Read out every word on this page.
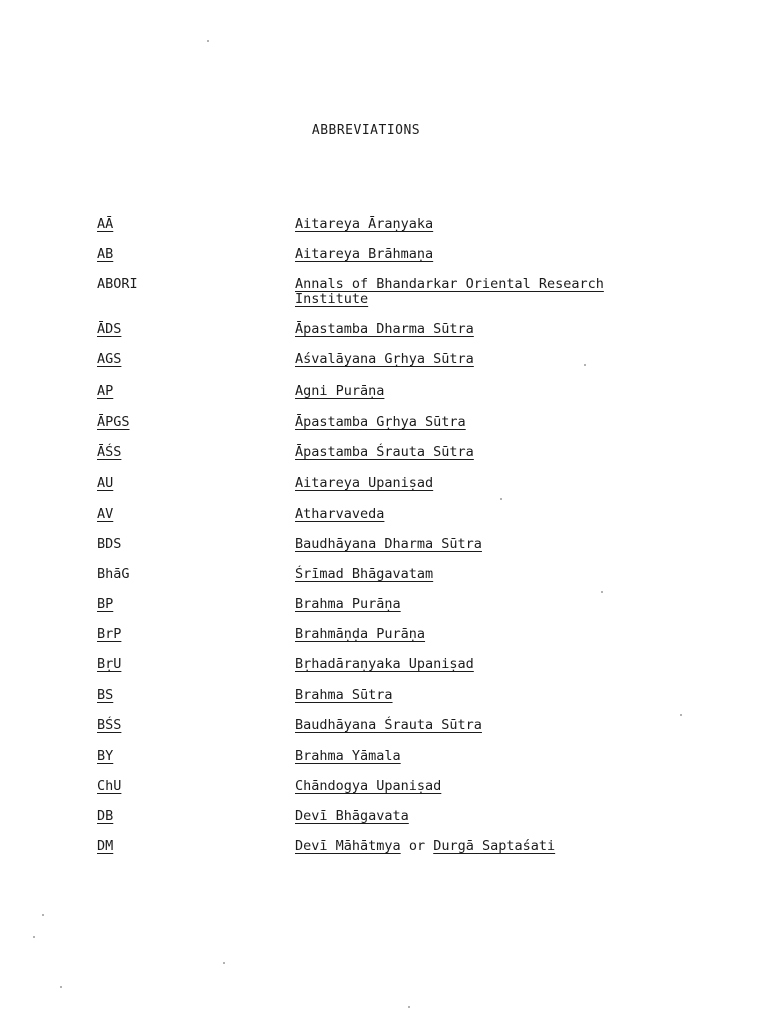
ABBREVIATIONS
AĀ	Aitareya Āraṇyaka
AB	Aitareya Brāhmaṇa
ABORI	Annals of Bhandarkar Oriental Research Institute
ĀDS	Āpastamba Dharma Sūtra
AGS	Aśvalāyana Gṛhya Sūtra
AP	Agni Purāṇa
ĀPGS	Āpastamba Gṛhya Sūtra
ĀŚS	Āpastamba Śrauta Sūtra
AU	Aitareya Upaniṣad
AV	Atharvaveda
BDS	Baudhāyana Dharma Sūtra
BhāG	Śrīmad Bhāgavatam
BP	Brahma Purāṇa
BrP	Brahmāṇḍa Purāṇa
BṛU	Bṛhadāraṇyaka Upaniṣad
BS	Brahma Sūtra
BŚS	Baudhāyana Śrauta Sūtra
BY	Brahma Yāmala
ChU	Chāndogya Upaniṣad
DB	Devī Bhāgavata
DM	Devī Māhātmya or Durgā Saptaśati
